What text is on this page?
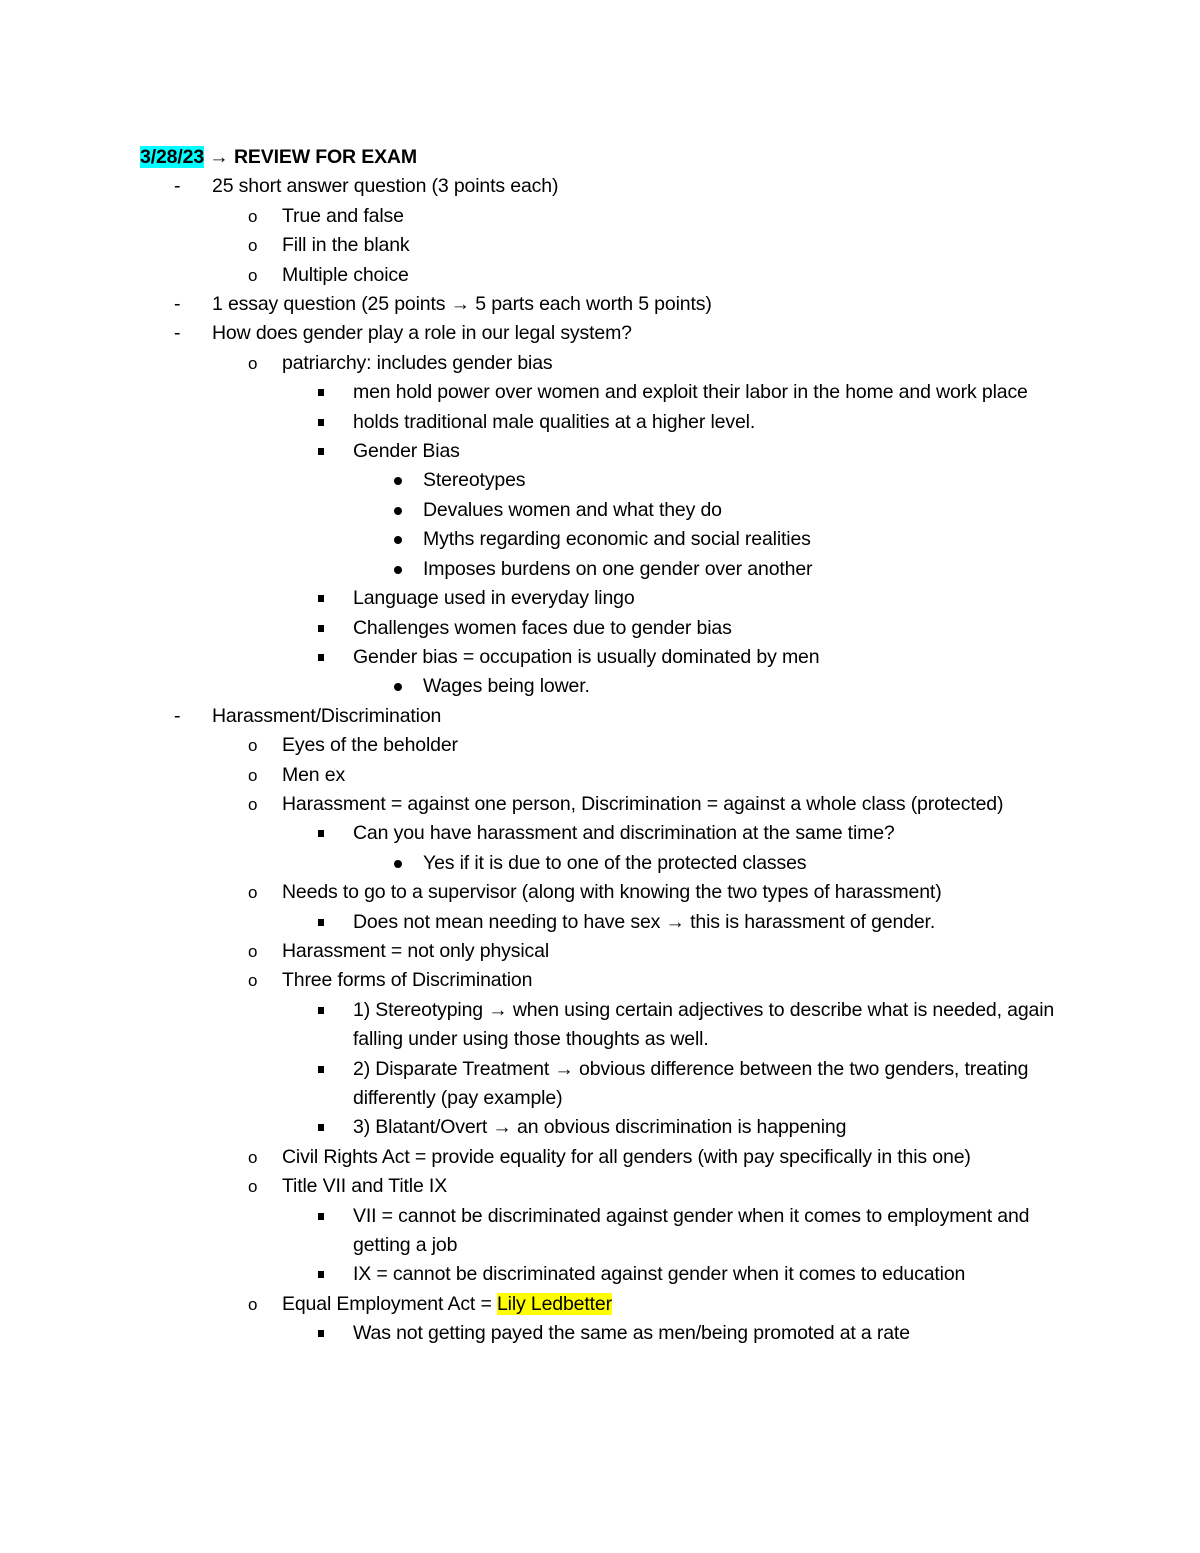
3/28/23 → REVIEW FOR EXAM
-	25 short answer question (3 points each)
o	True and false
o	Fill in the blank
o	Multiple choice
-	1 essay question (25 points → 5 parts each worth 5 points)
-	How does gender play a role in our legal system?
o	patriarchy: includes gender bias
men hold power over women and exploit their labor in the home and work place
holds traditional male qualities at a higher level.
Gender Bias
Stereotypes
Devalues women and what they do
Myths regarding economic and social realities
Imposes burdens on one gender over another
Language used in everyday lingo
Challenges women faces due to gender bias
Gender bias = occupation is usually dominated by men
Wages being lower.
-	Harassment/Discrimination
o	Eyes of the beholder
o	Men ex
o	Harassment = against one person, Discrimination = against a whole class (protected)
Can you have harassment and discrimination at the same time?
Yes if it is due to one of the protected classes
o	Needs to go to a supervisor (along with knowing the two types of harassment)
Does not mean needing to have sex → this is harassment of gender.
o	Harassment = not only physical
o	Three forms of Discrimination
1) Stereotyping → when using certain adjectives to describe what is needed, again falling under using those thoughts as well.
2) Disparate Treatment → obvious difference between the two genders, treating differently (pay example)
3) Blatant/Overt → an obvious discrimination is happening
o	Civil Rights Act = provide equality for all genders (with pay specifically in this one)
o	Title VII and Title IX
VII = cannot be discriminated against gender when it comes to employment and getting a job
IX = cannot be discriminated against gender when it comes to education
o	Equal Employment Act = Lily Ledbetter
Was not getting payed the same as men/being promoted at a rate
